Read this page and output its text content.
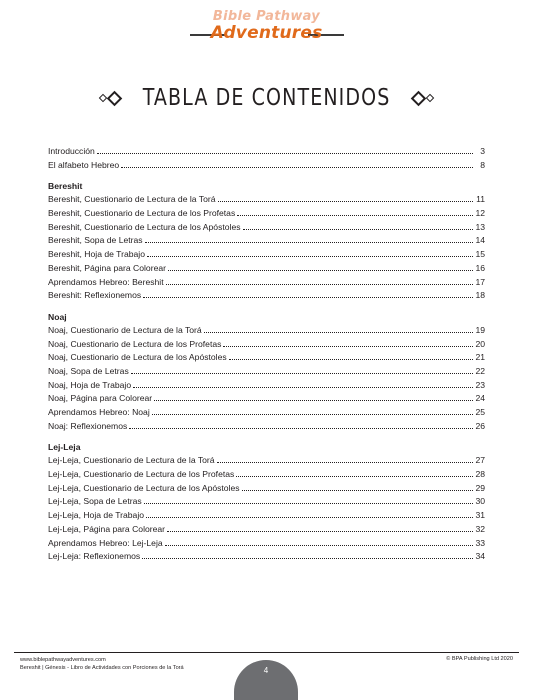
Bible Pathway
Adventures
TABLA DE CONTENIDOS
Introducción	3
El alfabeto Hebreo	8
Bereshit
Bereshit, Cuestionario de Lectura de la Torá	11
Bereshit, Cuestionario de Lectura de los Profetas	12
Bereshit, Cuestionario de Lectura de los Apóstoles	13
Bereshit, Sopa de Letras	14
Bereshit, Hoja de Trabajo	15
Bereshit, Página para Colorear	16
Aprendamos Hebreo: Bereshit	17
Bereshit: Reflexionemos	18
Noaj
Noaj, Cuestionario de Lectura de la Torá	19
Noaj, Cuestionario de Lectura de los Profetas	20
Noaj, Cuestionario de Lectura de los Apóstoles	21
Noaj, Sopa de Letras	22
Noaj, Hoja de Trabajo	23
Noaj, Página para Colorear	24
Aprendamos Hebreo: Noaj	25
Noaj: Reflexionemos	26
Lej-Leja
Lej-Leja, Cuestionario de Lectura de la Torá	27
Lej-Leja, Cuestionario de Lectura de los Profetas	28
Lej-Leja, Cuestionario de Lectura de los Apóstoles	29
Lej-Leja, Sopa de Letras	30
Lej-Leja, Hoja de Trabajo	31
Lej-Leja, Página para Colorear	32
Aprendamos Hebreo: Lej-Leja	33
Lej-Leja: Reflexionemos	34
www.biblepathwayadventures.com
Bereshit | Génesis - Libro de Actividades con Porciones de la Torá
© BPA Publishing Ltd 2020
4
